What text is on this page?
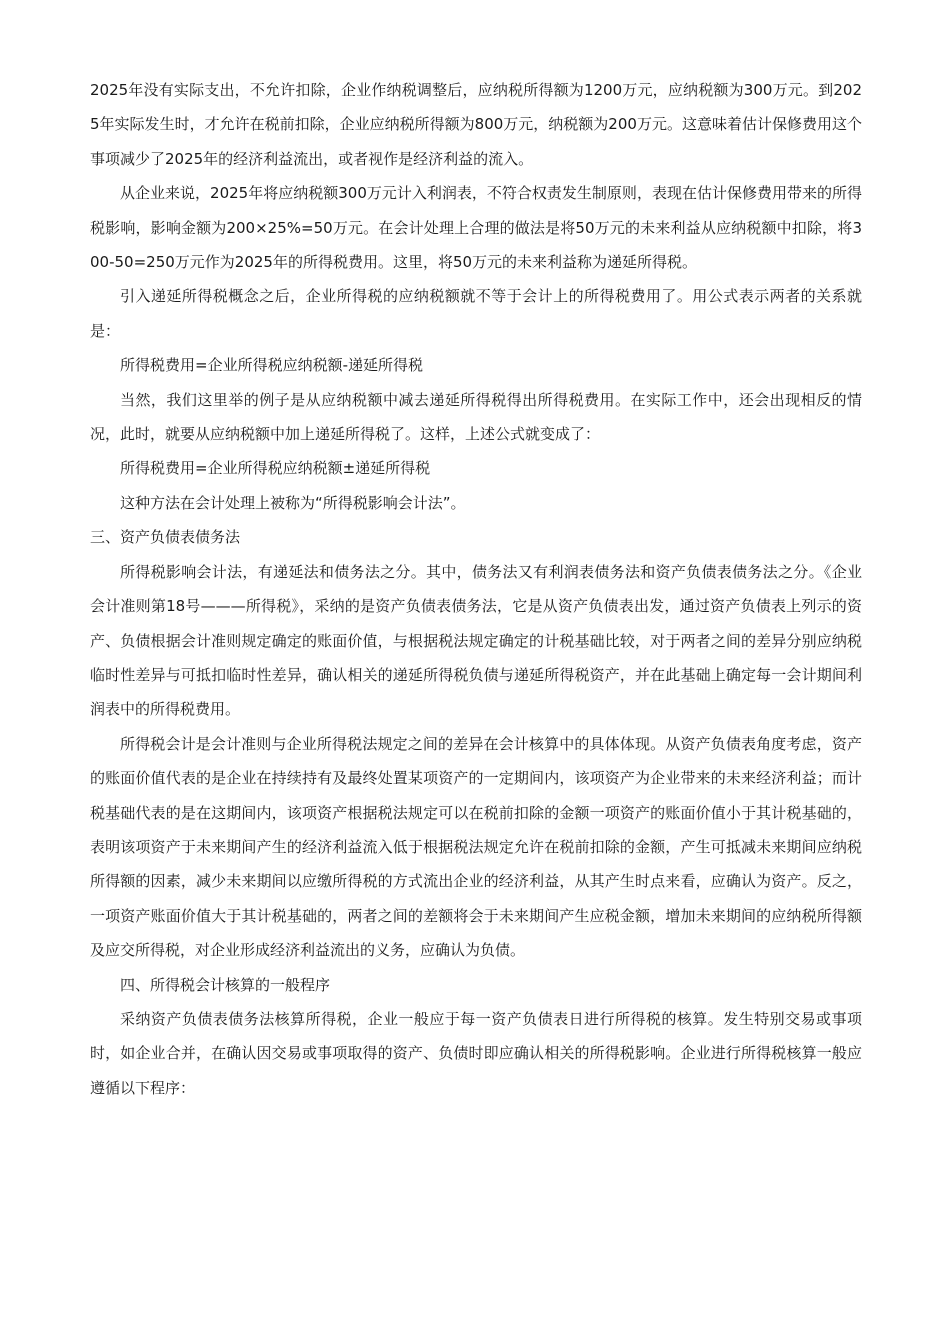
2025年没有实际支出，不允许扣除，企业作纳税调整后，应纳税所得额为1200万元，应纳税额为300万元。到2025年实际发生时，才允许在税前扣除，企业应纳税所得额为800万元，纳税额为200万元。这意味着估计保修费用这个事项减少了2025年的经济利益流出，或者视作是经济利益的流入。

从企业来说，2025年将应纳税额300万元计入利润表，不符合权责发生制原则，表现在估计保修费用带来的所得税影响，影响金额为200×25%=50万元。在会计处理上合理的做法是将50万元的未来利益从应纳税额中扣除，将300-50=250万元作为2025年的所得税费用。这里，将50万元的未来利益称为递延所得税。

引入递延所得税概念之后，企业所得税的应纳税额就不等于会计上的所得税费用了。用公式表示两者的关系就是：

所得税费用=企业所得税应纳税额-递延所得税

当然，我们这里举的例子是从应纳税额中减去递延所得税得出所得税费用。在实际工作中，还会出现相反的情况，此时，就要从应纳税额中加上递延所得税了。这样，上述公式就变成了：

所得税费用=企业所得税应纳税额±递延所得税

这种方法在会计处理上被称为“所得税影响会计法”。

三、资产负债表债务法

所得税影响会计法，有递延法和债务法之分。其中，债务法又有利润表债务法和资产负债表债务法之分。《企业会计准则第18号———所得税》，采纳的是资产负债表债务法，它是从资产负债表出发，通过资产负债表上列示的资产、负债根据会计准则规定确定的账面价值，与根据税法规定确定的计税基础比较，对于两者之间的差异分别应纳税临时性差异与可抵扣临时性差异，确认相关的递延所得税负债与递延所得税资产，并在此基础上确定每一会计期间利润表中的所得税费用。

所得税会计是会计准则与企业所得税法规定之间的差异在会计核算中的具体体现。从资产负债表角度考虑，资产的账面价值代表的是企业在持续持有及最终处置某项资产的一定期间内，该项资产为企业带来的未来经济利益；而计税基础代表的是在这期间内，该项资产根据税法规定可以在税前扣除的金额一项资产的账面价值小于其计税基础的，表明该项资产于未来期间产生的经济利益流入低于根据税法规定允许在税前扣除的金额，产生可抵减未来期间应纳税所得额的因素，减少未来期间以应缴所得税的方式流出企业的经济利益，从其产生时点来看，应确认为资产。反之，一项资产账面价值大于其计税基础的，两者之间的差额将会于未来期间产生应税金额，增加未来期间的应纳税所得额及应交所得税，对企业形成经济利益流出的义务，应确认为负债。

四、所得税会计核算的一般程序

采纳资产负债表债务法核算所得税，企业一般应于每一资产负债表日进行所得税的核算。发生特别交易或事项时，如企业合并，在确认因交易或事项取得的资产、负债时即应确认相关的所得税影响。企业进行所得税核算一般应遵循以下程序：
